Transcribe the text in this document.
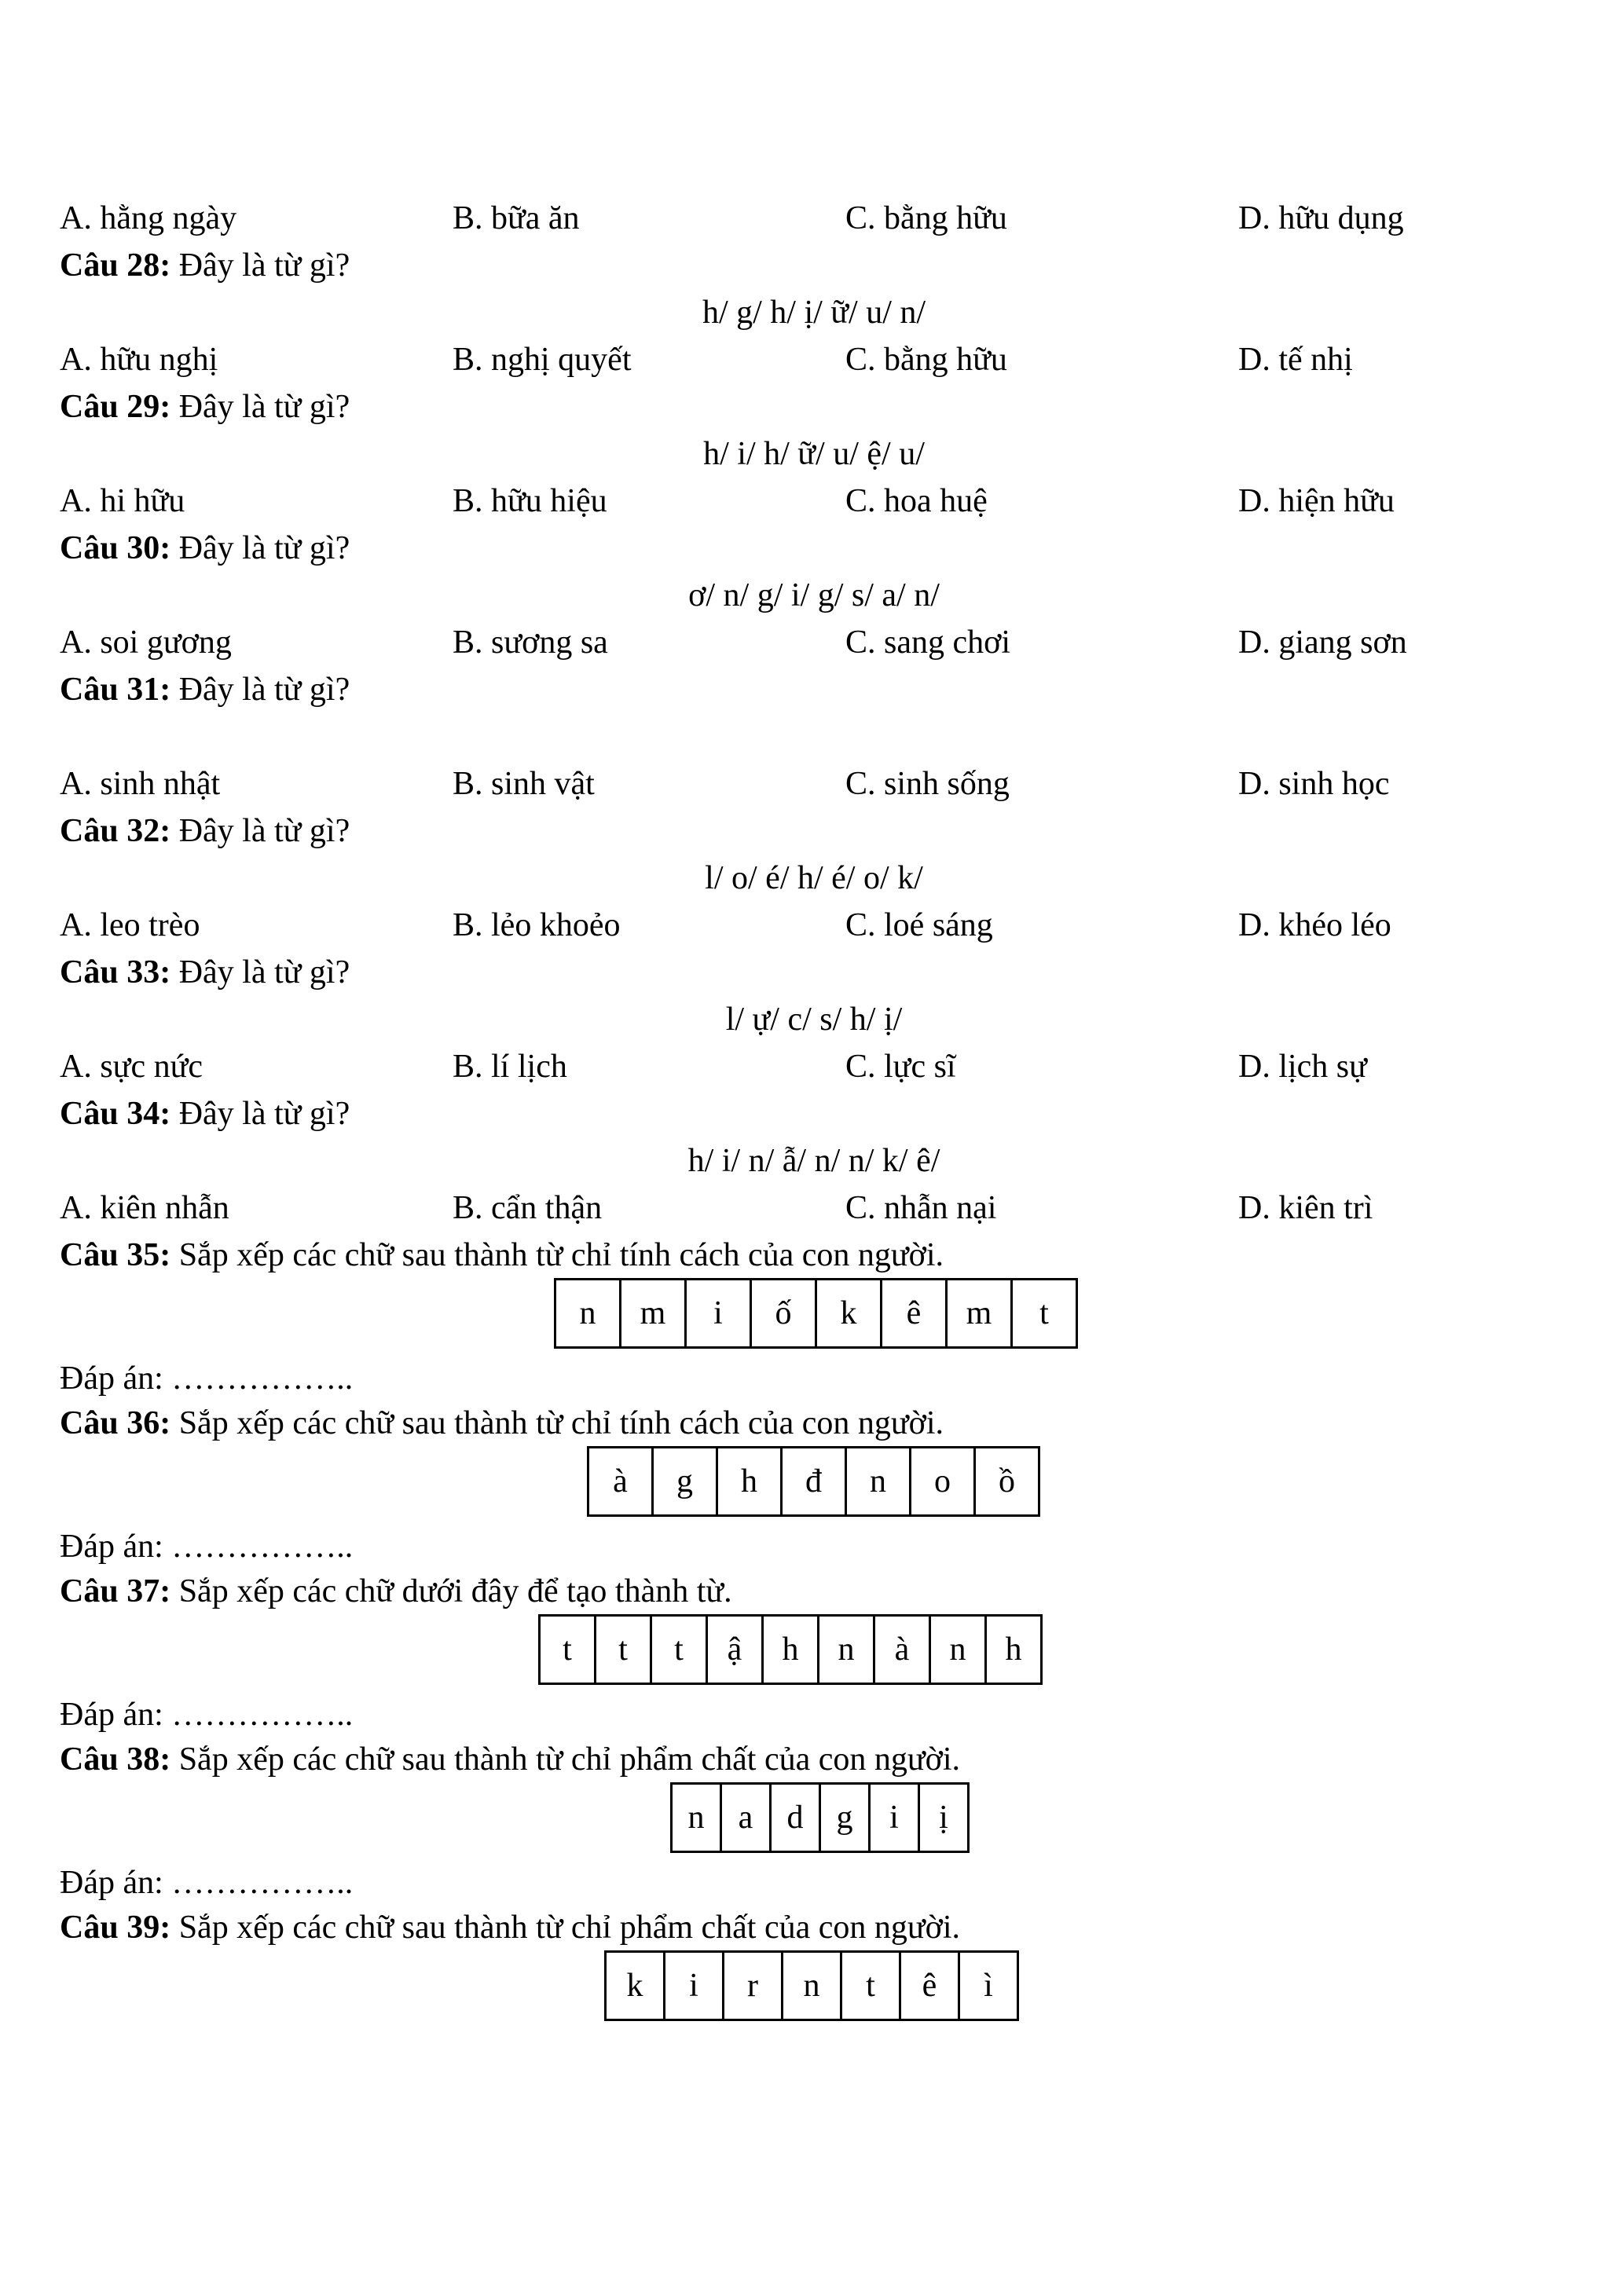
A. hằng ngày	B. bữa ăn	C. bằng hữu	D. hữu dụng
Câu 28: Đây là từ gì?
h/ g/ h/ ị/ ữ/ u/ n/
A. hữu nghị	B. nghị quyết	C. bằng hữu	D. tế nhị
Câu 29: Đây là từ gì?
h/ i/ h/ ữ/ u/ ệ/ u/
A. hi hữu	B. hữu hiệu	C. hoa huệ	D. hiện hữu
Câu 30: Đây là từ gì?
ơ/ n/ g/ i/ g/ s/ a/ n/
A. soi gương	B. sương sa	C. sang chơi	D. giang sơn
Câu 31: Đây là từ gì?
A. sinh nhật	B. sinh vật	C. sinh sống	D. sinh học
Câu 32: Đây là từ gì?
l/ o/ é/ h/ é/ o/ k/
A. leo trèo	B. lẻo khoẻo	C. loé sáng	D. khéo léo
Câu 33: Đây là từ gì?
l/ ự/ c/ s/ h/ ị/
A. sực nức	B. lí lịch	C. lực sĩ	D. lịch sự
Câu 34: Đây là từ gì?
h/ i/ n/ ẫ/ n/ n/ k/ ê/
A. kiên nhẫn	B. cẩn thận	C. nhẫn nại	D. kiên trì
Câu 35: Sắp xếp các chữ sau thành từ chỉ tính cách của con người.
n	m	i	ố	k	ê	m	t
Đáp án: ……………..
Câu 36: Sắp xếp các chữ sau thành từ chỉ tính cách của con người.
à	g	h	đ	n	o	ồ
Đáp án: ……………..
Câu 37: Sắp xếp các chữ dưới đây để tạo thành từ.
t	t	t	ậ	h	n	à	n	h
Đáp án: ……………..
Câu 38: Sắp xếp các chữ sau thành từ chỉ phẩm chất của con người.
n	a	d	g	i	ị
Đáp án: ……………..
Câu 39: Sắp xếp các chữ sau thành từ chỉ phẩm chất của con người.
k	i	r	n	t	ê	ì
